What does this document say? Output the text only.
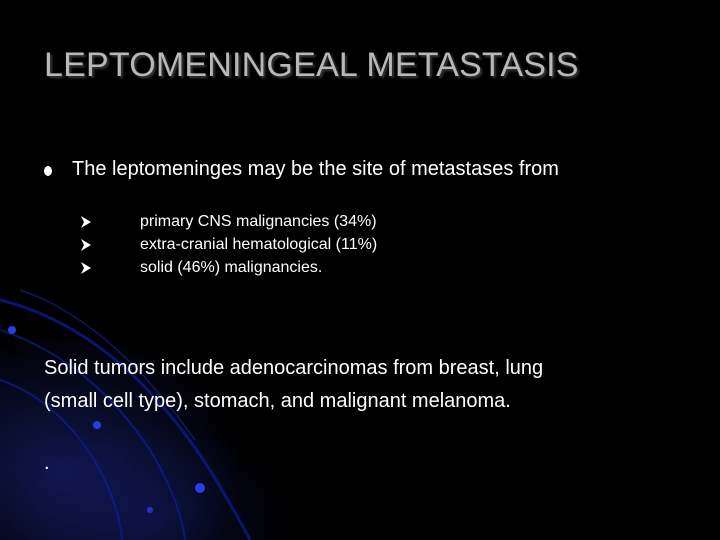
LEPTOMENINGEAL METASTASIS
The leptomeninges may be the site of metastases from
primary CNS malignancies (34%)
extra-cranial hematological (11%)
solid (46%) malignancies.
Solid tumors include adenocarcinomas from breast, lung
(small cell type), stomach, and malignant melanoma.
.
